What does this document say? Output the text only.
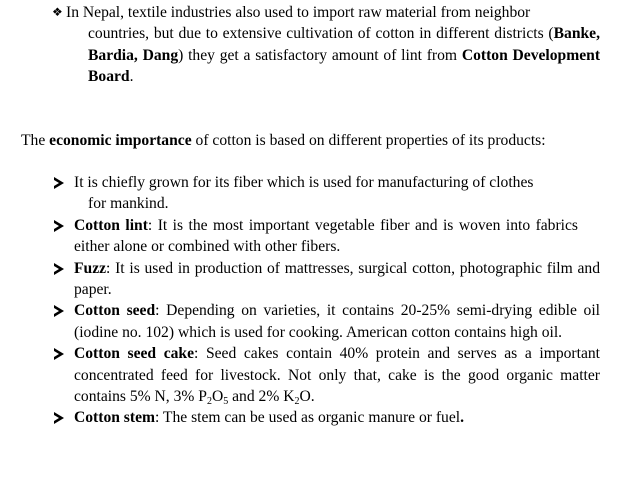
❖ In Nepal, textile industries also used to import raw material from neighbor
countries, but due to extensive cultivation of cotton in different districts (Banke, Bardia, Dang) they get a satisfactory amount of lint from Cotton Development Board.

The economic importance of cotton is based on different properties of its products:

It is chiefly grown for its fiber which is used for manufacturing of clothes
for mankind.
Cotton lint: It is the most important vegetable fiber and is woven into fabricseither alone or combined with other fibers.
Fuzz: It is used in production of mattresses, surgical cotton, photographic film and paper.
Cotton seed: Depending on varieties, it contains 20-25% semi-drying edible oil (iodine no. 102) which is used for cooking. American cotton contains high oil.
Cotton seed cake: Seed cakes contain 40% protein and serves as a important concentrated feed for livestock. Not only that, cake is the good organic matter contains 5% N, 3% $P_2O_5$ and 2% $K_2O$.
Cotton stem: The stem can be used as organic manure or fuel.
